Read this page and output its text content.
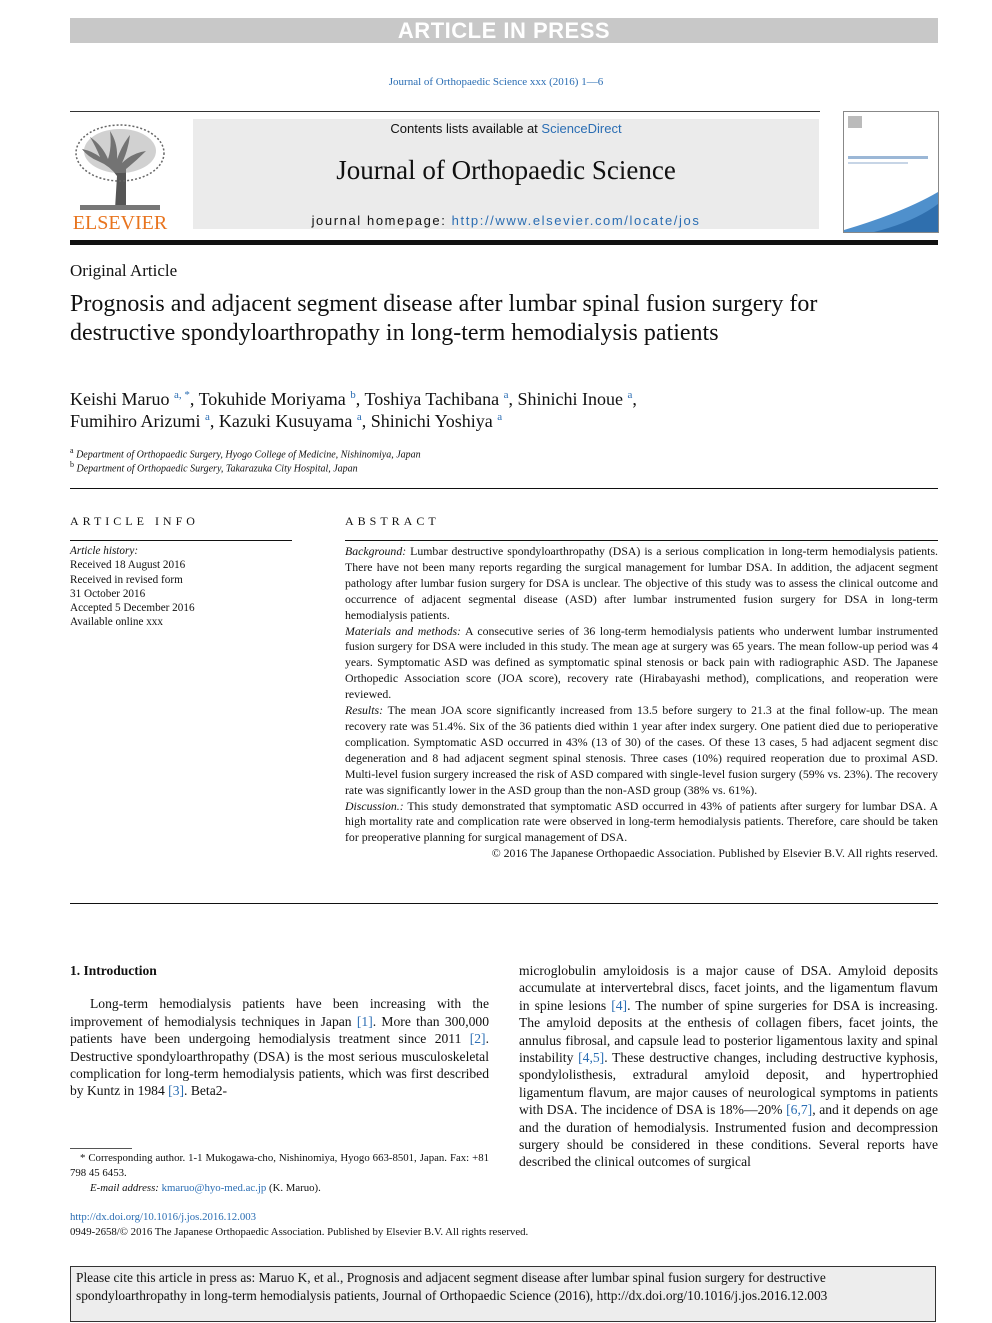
ARTICLE IN PRESS
Journal of Orthopaedic Science xxx (2016) 1—6
ELSEVIER
Contents lists available at ScienceDirect
Journal of Orthopaedic Science
journal homepage: http://www.elsevier.com/locate/jos
Original Article
Prognosis and adjacent segment disease after lumbar spinal fusion surgery for destructive spondyloarthropathy in long-term hemodialysis patients
Keishi Maruo $^{a, *}$, Tokuhide Moriyama $^b$, Toshiya Tachibana $^a$, Shinichi Inoue $^a$,
Fumihiro Arizumi $^a$, Kazuki Kusuyama $^a$, Shinichi Yoshiya $^a$
$^a$ Department of Orthopaedic Surgery, Hyogo College of Medicine, Nishinomiya, Japan
$^b$ Department of Orthopaedic Surgery, Takarazuka City Hospital, Japan
ARTICLE INFO
Article history:
Received 18 August 2016
Received in revised form
31 October 2016
Accepted 5 December 2016
Available online xxx
ABSTRACT

Background: Lumbar destructive spondyloarthropathy (DSA) is a serious complication in long-term hemodialysis patients. There have not been many reports regarding the surgical management for lumbar DSA. In addition, the adjacent segment pathology after lumbar fusion surgery for DSA is unclear. The objective of this study was to assess the clinical outcome and occurrence of adjacent segmental disease (ASD) after lumbar instrumented fusion surgery for DSA in long-term hemodialysis patients.

Materials and methods: A consecutive series of 36 long-term hemodialysis patients who underwent lumbar instrumented fusion surgery for DSA were included in this study. The mean age at surgery was 65 years. The mean follow-up period was 4 years. Symptomatic ASD was defined as symptomatic spinal stenosis or back pain with radiographic ASD. The Japanese Orthopedic Association score (JOA score), recovery rate (Hirabayashi method), complications, and reoperation were reviewed.

Results: The mean JOA score significantly increased from 13.5 before surgery to 21.3 at the final follow-up. The mean recovery rate was 51.4%. Six of the 36 patients died within 1 year after index surgery. One patient died due to perioperative complication. Symptomatic ASD occurred in 43% (13 of 30) of the cases. Of these 13 cases, 5 had adjacent segment disc degeneration and 8 had adjacent segment spinal stenosis. Three cases (10%) required reoperation due to proximal ASD. Multi-level fusion surgery increased the risk of ASD compared with single-level fusion surgery (59% vs. 23%). The recovery rate was significantly lower in the ASD group than the non-ASD group (38% vs. 61%).

Discussion.: This study demonstrated that symptomatic ASD occurred in 43% of patients after surgery for lumbar DSA. A high mortality rate and complication rate were observed in long-term hemodialysis patients. Therefore, care should be taken for preoperative planning for surgical management of DSA.

© 2016 The Japanese Orthopaedic Association. Published by Elsevier B.V. All rights reserved.

1. Introduction

Long-term hemodialysis patients have been increasing with the improvement of hemodialysis techniques in Japan [1]. More than 300,000 patients have been undergoing hemodialysis treatment since 2011 [2]. Destructive spondyloarthropathy (DSA) is the most serious musculoskeletal complication for long-term hemodialysis patients, which was first described by Kuntz in 1984 [3]. Beta2-

microglobulin amyloidosis is a major cause of DSA. Amyloid deposits accumulate at intervertebral discs, facet joints, and the ligamentum flavum in spine lesions [4]. The number of spine surgeries for DSA is increasing. The amyloid deposits at the enthesis of collagen fibers, facet joints, the annulus fibrosal, and capsule lead to posterior ligamentous laxity and spinal instability [4,5]. These destructive changes, including destructive kyphosis, spondylolisthesis, extradural amyloid deposit, and hypertrophied ligamentum flavum, are major causes of neurological symptoms in patients with DSA. The incidence of DSA is 18%—20% [6,7], and it depends on age and the duration of hemodialysis. Instrumented fusion and decompression surgery should be considered in these conditions. Several reports have described the clinical outcomes of surgical
* Corresponding author. 1-1 Mukogawa-cho, Nishinomiya, Hyogo 663-8501, Japan. Fax: +81 798 45 6453.
E-mail address: kmaruo@hyo-med.ac.jp (K. Maruo).
http://dx.doi.org/10.1016/j.jos.2016.12.003
0949-2658/© 2016 The Japanese Orthopaedic Association. Published by Elsevier B.V. All rights reserved.
Please cite this article in press as: Maruo K, et al., Prognosis and adjacent segment disease after lumbar spinal fusion surgery for destructive spondyloarthropathy in long-term hemodialysis patients, Journal of Orthopaedic Science (2016), http://dx.doi.org/10.1016/j.jos.2016.12.003
